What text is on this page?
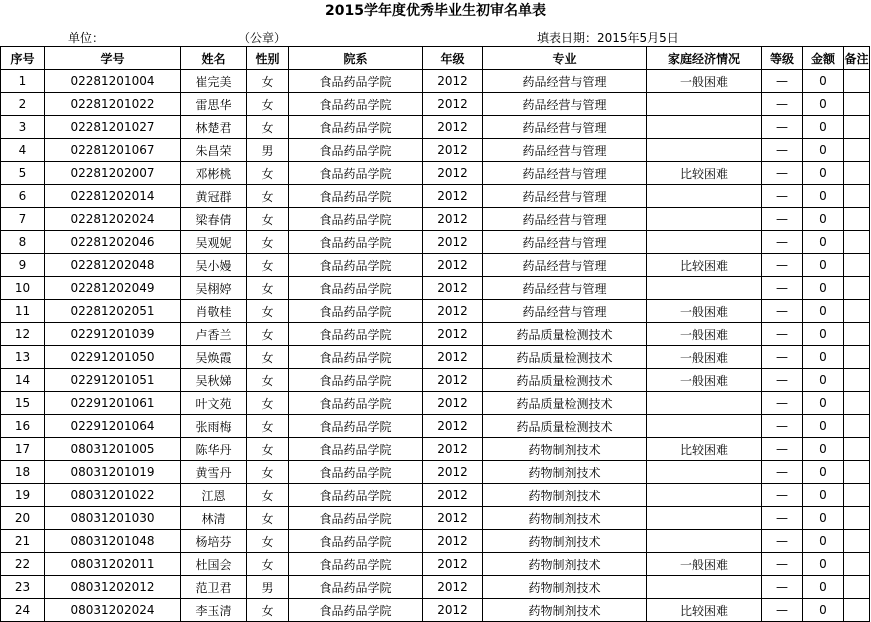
2015学年度优秀毕业生初审名单表
单位：	（公章）	填表日期：2015年5月5日
序号	学号	姓名	性别	院系	年级	专业	家庭经济情况	等级	金额	备注
1	02281201004	崔完美	女	食品药品学院	2012	药品经营与管理	一般困难	—	0	
2	02281201022	雷思华	女	食品药品学院	2012	药品经营与管理		—	0	
3	02281201027	林楚君	女	食品药品学院	2012	药品经营与管理		—	0	
4	02281201067	朱昌荣	男	食品药品学院	2012	药品经营与管理		—	0	
5	02281202007	邓彬桃	女	食品药品学院	2012	药品经营与管理	比较困难	—	0	
6	02281202014	黄冠群	女	食品药品学院	2012	药品经营与管理		—	0	
7	02281202024	梁春倩	女	食品药品学院	2012	药品经营与管理		—	0	
8	02281202046	吴观妮	女	食品药品学院	2012	药品经营与管理		—	0	
9	02281202048	吴小嫚	女	食品药品学院	2012	药品经营与管理	比较困难	—	0	
10	02281202049	吴栩婷	女	食品药品学院	2012	药品经营与管理		—	0	
11	02281202051	肖敬桂	女	食品药品学院	2012	药品经营与管理	一般困难	—	0	
12	02291201039	卢香兰	女	食品药品学院	2012	药品质量检测技术	一般困难	—	0	
13	02291201050	吴焕霞	女	食品药品学院	2012	药品质量检测技术	一般困难	—	0	
14	02291201051	吴秋娣	女	食品药品学院	2012	药品质量检测技术	一般困难	—	0	
15	02291201061	叶文苑	女	食品药品学院	2012	药品质量检测技术		—	0	
16	02291201064	张雨梅	女	食品药品学院	2012	药品质量检测技术		—	0	
17	08031201005	陈华丹	女	食品药品学院	2012	药物制剂技术	比较困难	—	0	
18	08031201019	黄雪丹	女	食品药品学院	2012	药物制剂技术		—	0	
19	08031201022	江恩	女	食品药品学院	2012	药物制剂技术		—	0	
20	08031201030	林清	女	食品药品学院	2012	药物制剂技术		—	0	
21	08031201048	杨培芬	女	食品药品学院	2012	药物制剂技术		—	0	
22	08031202011	杜国会	女	食品药品学院	2012	药物制剂技术	一般困难	—	0	
23	08031202012	范卫君	男	食品药品学院	2012	药物制剂技术		—	0	
24	08031202024	李玉清	女	食品药品学院	2012	药物制剂技术	比较困难	—	0	
